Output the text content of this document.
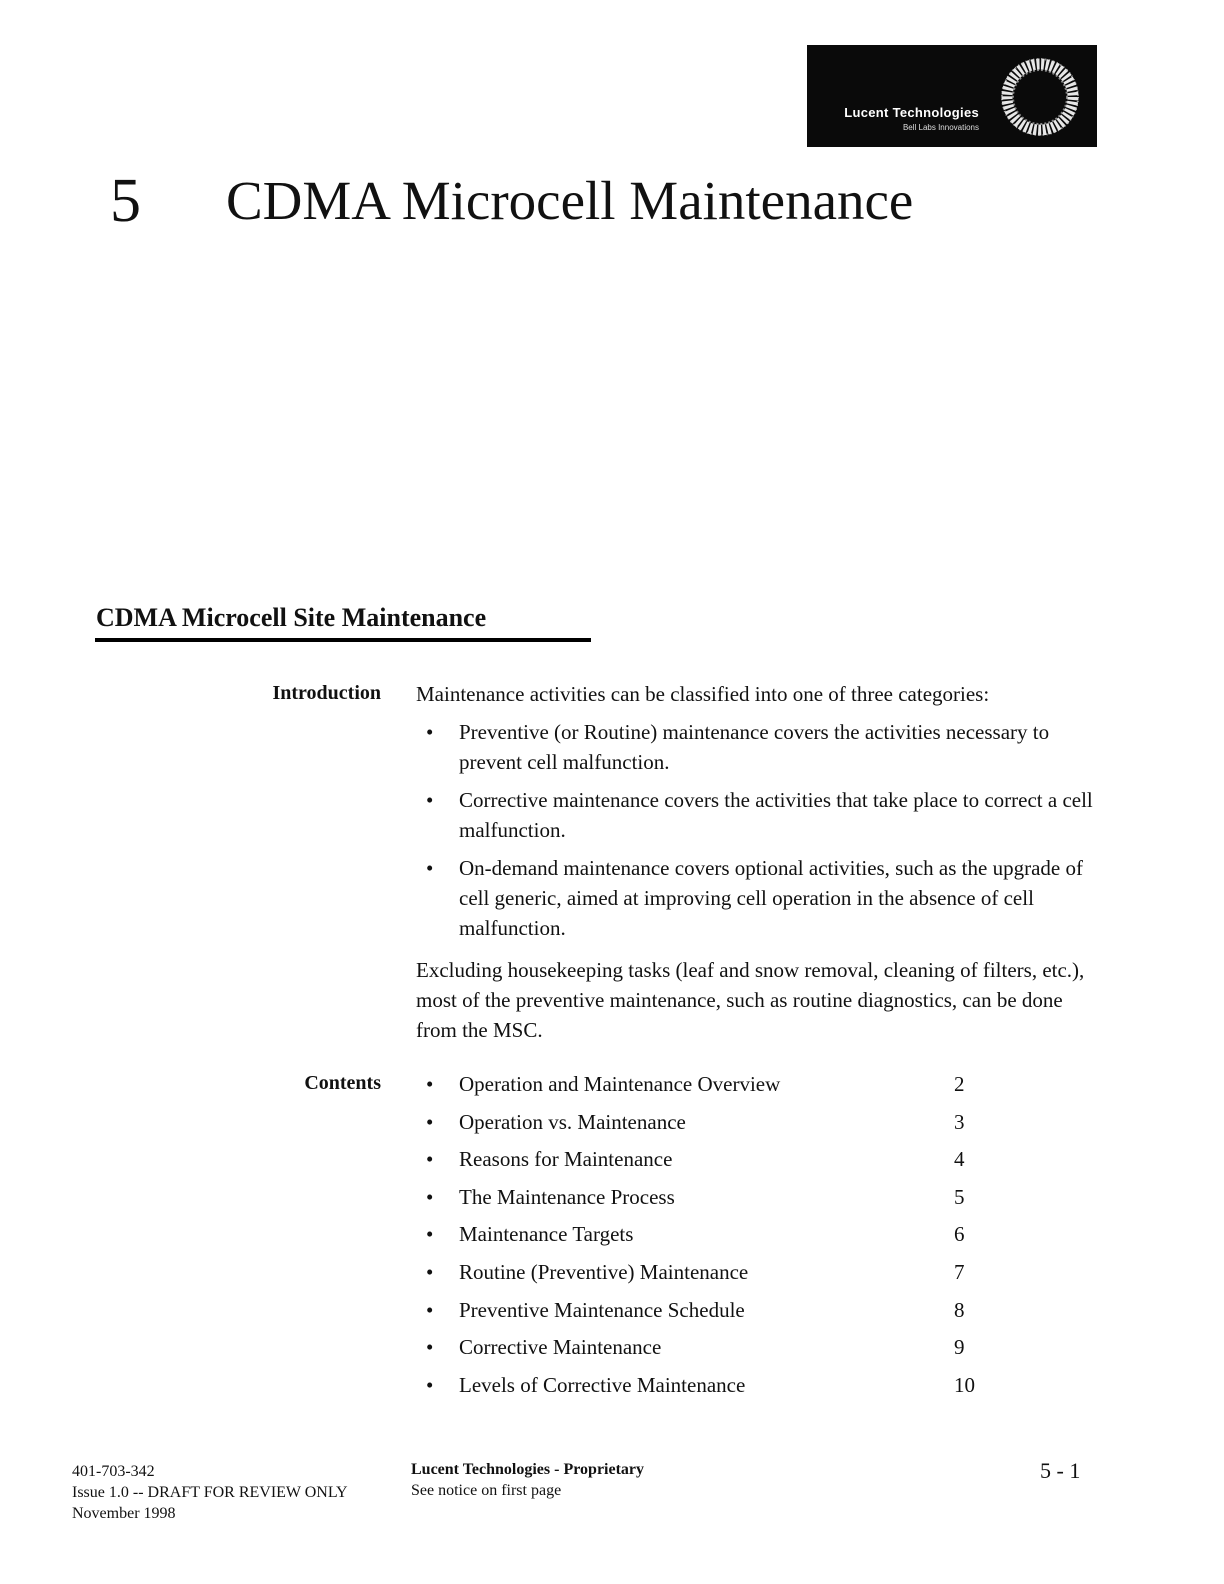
Lucent Technologies
Bell Labs Innovations
5 CDMA Microcell Maintenance
CDMA Microcell Site Maintenance
Introduction Maintenance activities can be classified into one of three categories:

• Preventive (or Routine) maintenance covers the activities necessary to prevent cell malfunction.
• Corrective maintenance covers the activities that take place to correct a cell malfunction.
• On-demand maintenance covers optional activities, such as the upgrade of cell generic, aimed at improving cell operation in the absence of cell malfunction.

Excluding housekeeping tasks (leaf and snow removal, cleaning of filters, etc.), most of the preventive maintenance, such as routine diagnostics, can be done from the MSC.

Contents • Operation and Maintenance Overview	2
• Operation vs. Maintenance	3
• Reasons for Maintenance	4
• The Maintenance Process	5
• Maintenance Targets	6
• Routine (Preventive) Maintenance	7
• Preventive Maintenance Schedule	8
• Corrective Maintenance	9
• Levels of Corrective Maintenance	10
401-703-342
Issue 1.0 -- DRAFT FOR REVIEW ONLY
November 1998
Lucent Technologies - Proprietary
See notice on first page
5 - 1
